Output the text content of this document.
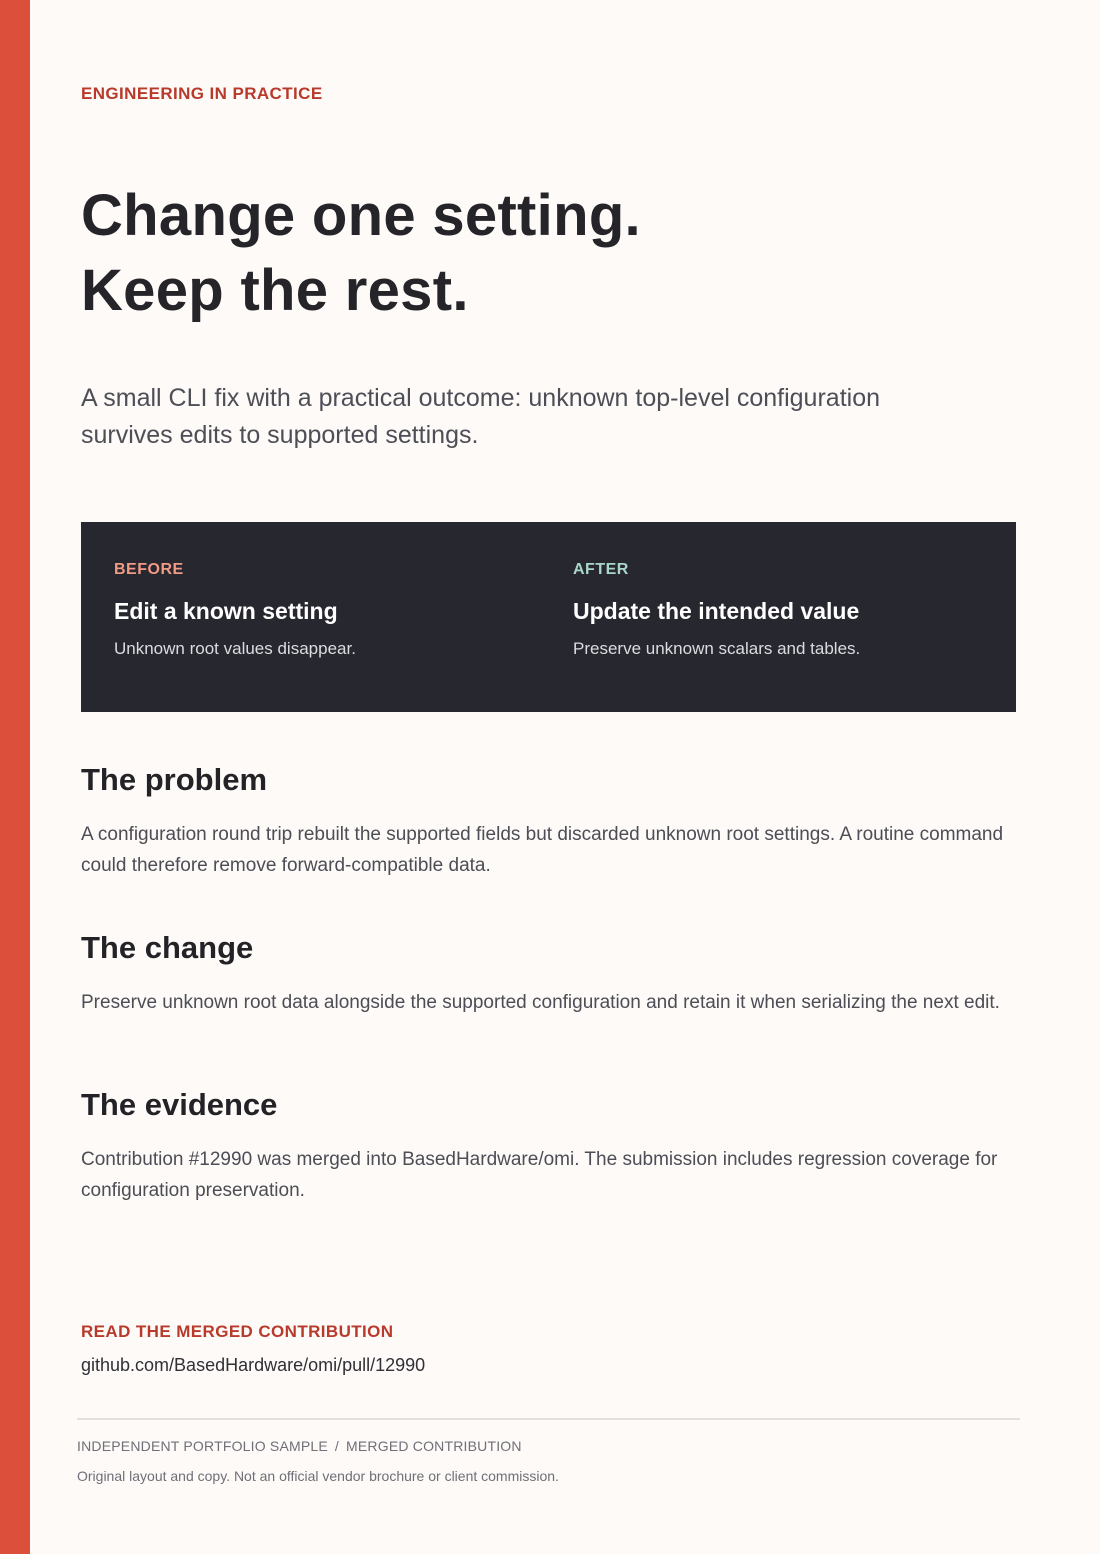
ENGINEERING IN PRACTICE
Change one setting.
Keep the rest.

A small CLI fix with a practical outcome: unknown top-level configuration survives edits to supported settings.

BEFORE
Edit a known setting
Unknown root values disappear.
AFTER
Update the intended value
Preserve unknown scalars and tables.
The problem

A configuration round trip rebuilt the supported fields but discarded unknown root settings. A routine command could therefore remove forward-compatible data.

The change

Preserve unknown root data alongside the supported configuration and retain it when serializing the next edit.

The evidence

Contribution #12990 was merged into BasedHardware/omi. The submission includes regression coverage for configuration preservation.

READ THE MERGED CONTRIBUTION
github.com/BasedHardware/omi/pull/12990
INDEPENDENT PORTFOLIO SAMPLE / MERGED CONTRIBUTION
Original layout and copy. Not an official vendor brochure or client commission.
